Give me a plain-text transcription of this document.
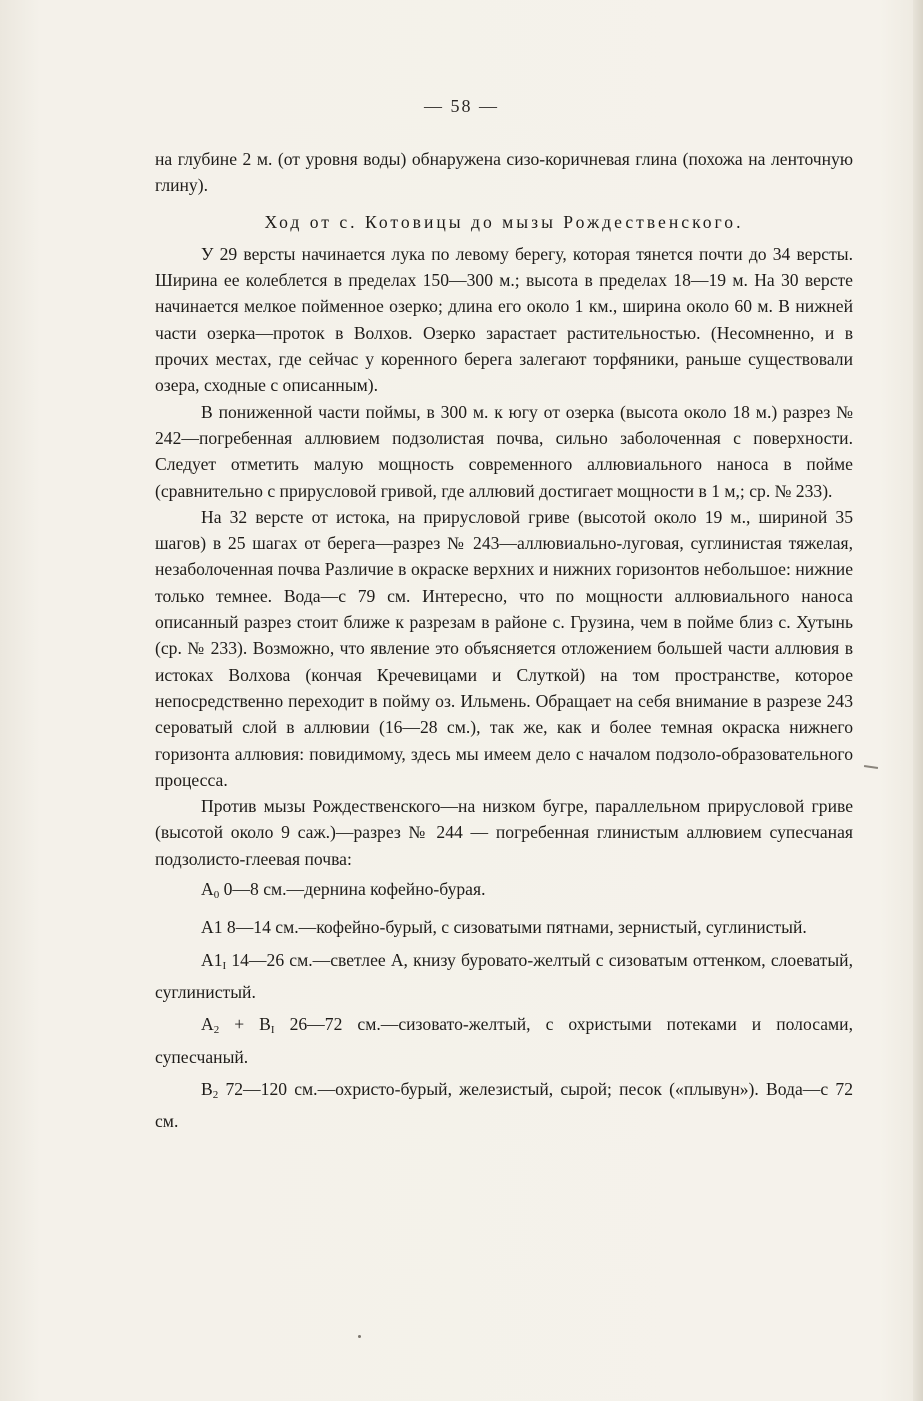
— 58 —

на глубине 2 м. (от уровня воды) обнаружена сизо-коричневая глина (похожа на ленточную глину).

Ход от с. Котовицы до мызы Рождественского.

У 29 версты начинается лука по левому берегу, которая тянется почти до 34 версты. Ширина ее колеблется в пределах 150—300 м.; высота в пределах 18—19 м. На 30 версте начинается мелкое пойменное озерко; длина его около 1 км., ширина около 60 м. В нижней части озерка—проток в Волхов. Озерко зарастает растительностью. (Несомненно, и в прочих местах, где сейчас у коренного берега залегают торфяники, раньше существовали озера, сходные с описанным).

В пониженной части поймы, в 300 м. к югу от озерка (высота около 18 м.) разрез № 242—погребенная аллювием подзолистая почва, сильно заболоченная с поверхности. Следует отметить малую мощность современного аллювиального наноса в пойме (сравнительно с прирусловой гривой, где аллювий достигает мощности в 1 м,; ср. № 233).

На 32 версте от истока, на прирусловой гриве (высотой около 19 м., шириной 35 шагов) в 25 шагах от берега—разрез № 243—аллювиально-луговая, суглинистая тяжелая, незаболоченная почва Различие в окраске верхних и нижних горизонтов небольшое: нижние только темнее. Вода—с 79 см. Интересно, что по мощности аллювиального наноса описанный разрез стоит ближе к разрезам в районе с. Грузина, чем в пойме близ с. Хутынь (ср. № 233). Возможно, что явление это объясняется отложением большей части аллювия в истоках Волхова (кончая Кречевицами и Слуткой) на том пространстве, которое непосредственно переходит в пойму оз. Ильмень. Обращает на себя внимание в разрезе 243 сероватый слой в аллювии (16—28 см.), так же, как и более темная окраска нижнего горизонта аллювия: повидимому, здесь мы имеем дело с началом подзоло-образовательного процесса.

Против мызы Рождественского—на низком бугре, параллельном прирусловой гриве (высотой около 9 саж.)—разрез № 244 — погребенная глинистым аллювием супесчаная подзолисто-глеевая почва:

$A_0$ 0—8 см.—дернина кофейно-бурая.

A1 8—14 см.—кофейно-бурый, с сизоватыми пятнами, зернистый, суглинистый.

$A1_I$ 14—26 см.—светлее А, книзу буровато-желтый с сизоватым оттенком, слоеватый, суглинистый.

$A_2 + B_I$ 26—72 см.—сизовато-желтый, с охристыми потеками и полосами, супесчаный.

$B_2$ 72—120 см.—охристо-бурый, железистый, сырой; песок («плывун»). Вода—с 72 см.
